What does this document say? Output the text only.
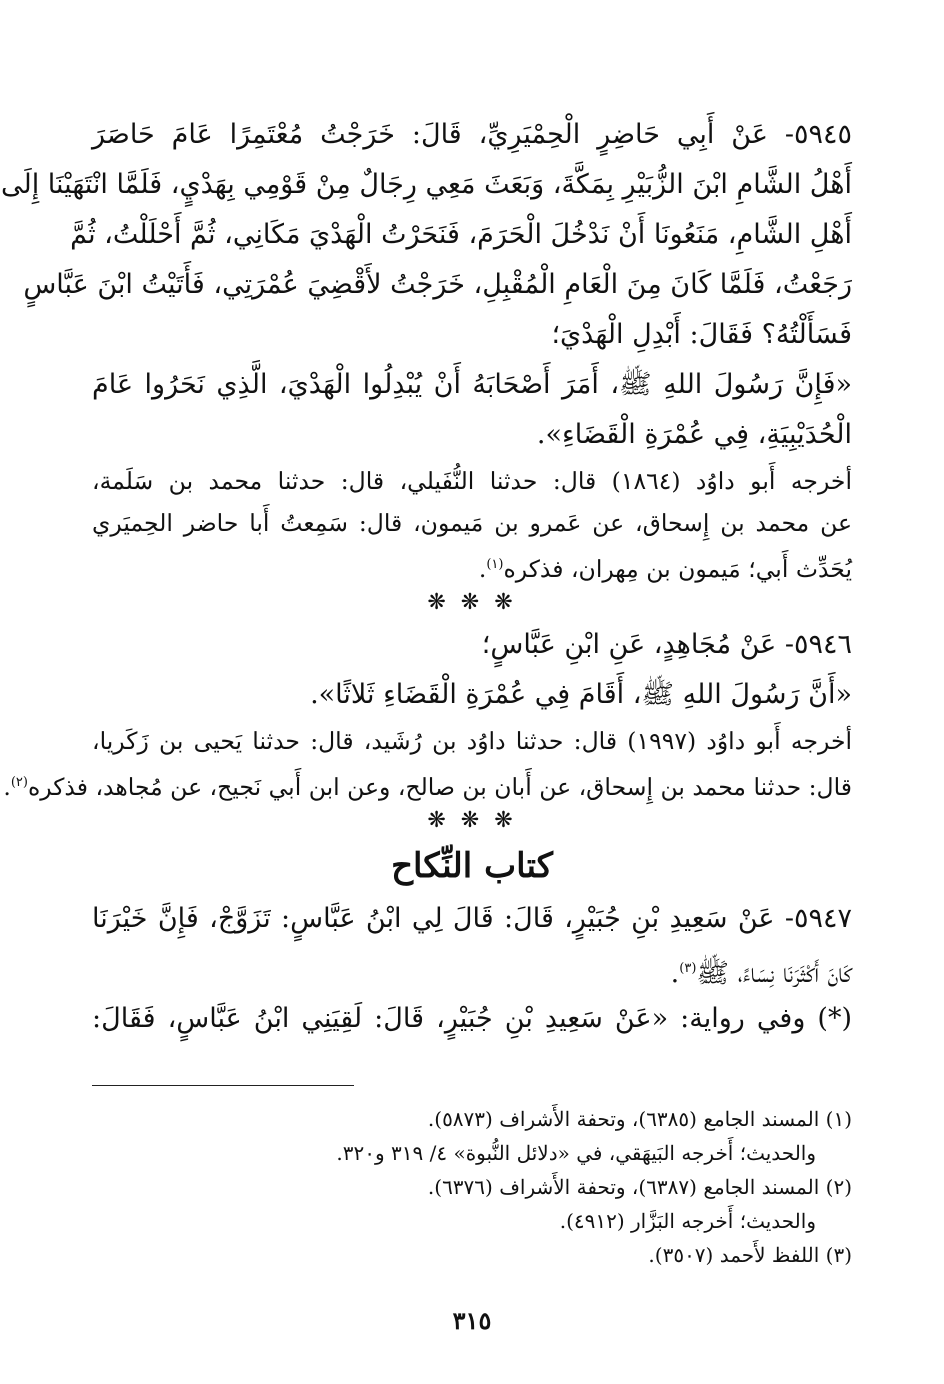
٥٩٤٥- عَنْ أَبِي حَاضِرٍ الْحِمْيَرِيِّ، قَالَ: خَرَجْتُ مُعْتَمِرًا عَامَ حَاصَرَ
أَهْلُ الشَّامِ ابْنَ الزُّبَيْرِ بِمَكَّةَ، وَبَعَثَ مَعِي رِجَالٌ مِنْ قَوْمِي بِهَدْيٍ، فَلَمَّا انْتَهَيْنَا إِلَى
أَهْلِ الشَّامِ، مَنَعُونَا أَنْ نَدْخُلَ الْحَرَمَ، فَنَحَرْتُ الْهَدْيَ مَكَانِي، ثُمَّ أَحْلَلْتُ، ثُمَّ
رَجَعْتُ، فَلَمَّا كَانَ مِنَ الْعَامِ الْمُقْبِلِ، خَرَجْتُ لأَقْضِيَ عُمْرَتِي، فَأَتَيْتُ ابْنَ عَبَّاسٍ
فَسَأَلْتُهُ؟ فَقَالَ: أَبْدِلِ الْهَدْيَ؛
«فَإِنَّ رَسُولَ اللهِ ﷺ، أَمَرَ أَصْحَابَهُ أَنْ يُبْدِلُوا الْهَدْيَ، الَّذِي نَحَرُوا عَامَ
الْحُدَيْبِيَةِ، فِي عُمْرَةِ الْقَضَاءِ».
أخرجه أَبو داوُد (١٨٦٤) قال: حدثنا النُّفَيلي، قال: حدثنا محمد بن سَلَمة،
عن محمد بن إِسحاق، عن عَمرو بن مَيمون، قال: سَمِعتُ أَبا حاضر الحِميَري
يُحَدِّث أَبي؛ مَيمون بن مِهران، فذكره$^{(١)}$.
❋ ❋ ❋
٥٩٤٦- عَنْ مُجَاهِدٍ، عَنِ ابْنِ عَبَّاسٍ؛
«أَنَّ رَسُولَ اللهِ ﷺ، أَقَامَ فِي عُمْرَةِ الْقَضَاءِ ثَلاثًا».
أخرجه أَبو داوُد (١٩٩٧) قال: حدثنا داوُد بن رُشَيد، قال: حدثنا يَحيى بن زَكَريا،
قال: حدثنا محمد بن إِسحاق، عن أَبان بن صالح، وعن ابن أَبي نَجيح، عن مُجاهد، فذكره$^{(٢)}$.
❋ ❋ ❋
كتاب النِّكاح
٥٩٤٧- عَنْ سَعِيدِ بْنِ جُبَيْرٍ، قَالَ: قَالَ لِي ابْنُ عَبَّاسٍ: تَزَوَّجْ، فَإِنَّ خَيْرَنَا
كَانَ أَكْثَرَنَا نِسَاءً، ﷺ$^{(٣)}$.
(*) وفي رواية: «عَنْ سَعِيدِ بْنِ جُبَيْرٍ، قَالَ: لَقِيَنِي ابْنُ عَبَّاسٍ، فَقَالَ:
(١) المسند الجامع (٦٣٨٥)، وتحفة الأَشراف (٥٨٧٣).
والحديث؛ أَخرجه البَيهَقي، في «دلائل النُّبوة» ٤/ ٣١٩ و٣٢٠.
(٢) المسند الجامع (٦٣٨٧)، وتحفة الأَشراف (٦٣٧٦).
والحديث؛ أَخرجه البَزَّار (٤٩١٢).
(٣) اللفظ لأَحمد (٣٥٠٧).
٣١٥
